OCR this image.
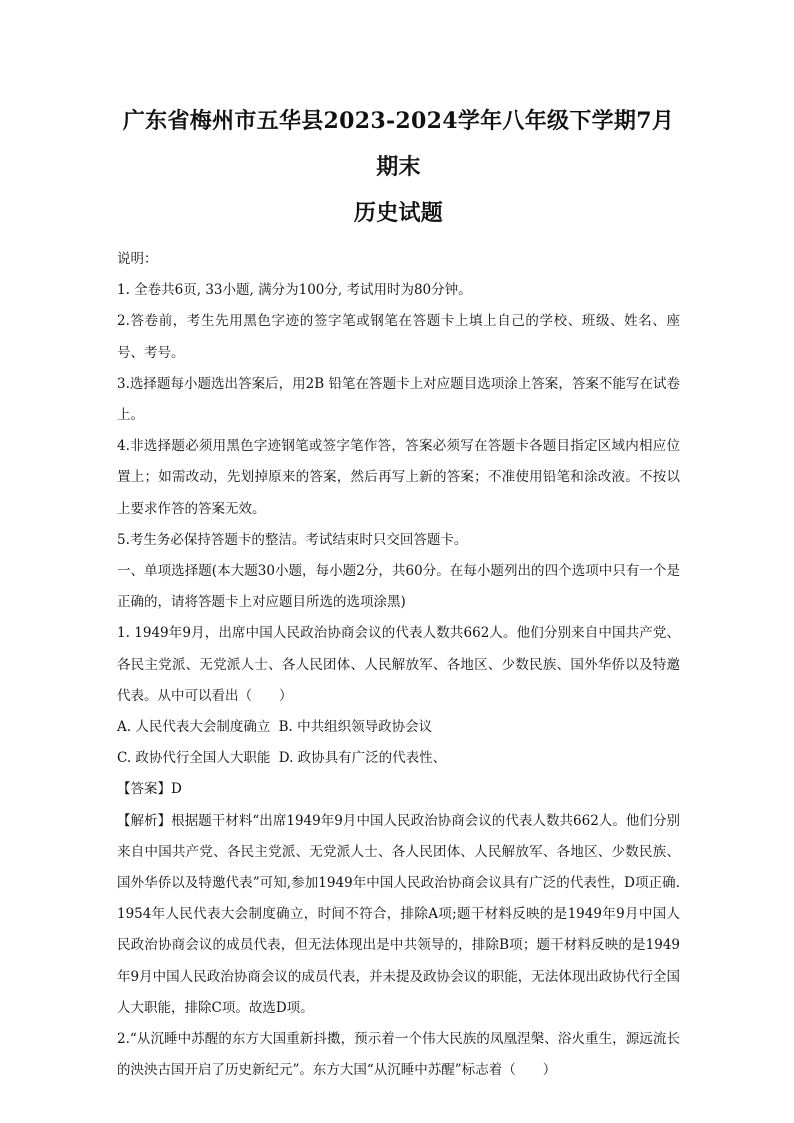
广东省梅州市五华县2023-2024学年八年级下学期7月期末
历史试题

说明：

1. 全卷共6页, 33小题, 满分为100分, 考试用时为80分钟。

2.答卷前，考生先用黑色字迹的签字笔或钢笔在答题卡上填上自己的学校、班级、姓名、座号、考号。

3.选择题每小题选出答案后，用2B 铅笔在答题卡上对应题目选项涂上答案，答案不能写在试卷上。

4.非选择题必须用黑色字迹钢笔或签字笔作答，答案必须写在答题卡各题目指定区域内相应位置上；如需改动，先划掉原来的答案，然后再写上新的答案；不准使用铅笔和涂改液。不按以上要求作答的答案无效。

5.考生务必保持答题卡的整洁。考试结束时只交回答题卡。

一、单项选择题(本大题30小题，每小题2分，共60分。在每小题列出的四个选项中只有一个是正确的，请将答题卡上对应题目所选的选项涂黑)

1. 1949年9月，出席中国人民政治协商会议的代表人数共662人。他们分别来自中国共产党、各民主党派、无党派人士、各人民团体、人民解放军、各地区、少数民族、国外华侨以及特邀代表。从中可以看出（　　）

A. 人民代表大会制度确立 B. 中共组织领导政协会议

C. 政协代行全国人大职能 D. 政协具有广泛的代表性、

【答案】D

【解析】根据题干材料“出席1949年9月中国人民政治协商会议的代表人数共662人。他们分别来自中国共产党、各民主党派、无党派人士、各人民团体、人民解放军、各地区、少数民族、国外华侨以及特邀代表”可知,参加1949年中国人民政治协商会议具有广泛的代表性，D项正确. 1954年人民代表大会制度确立，时间不符合，排除A项;题干材料反映的是1949年9月中国人民政治协商会议的成员代表，但无法体现出是中共领导的，排除B项；题干材料反映的是1949年9月中国人民政治协商会议的成员代表，并未提及政协会议的职能，无法体现出政协代行全国人大职能，排除C项。故选D项。

2.“从沉睡中苏醒的东方大国重新抖擞，预示着一个伟大民族的凤凰涅槃、浴火重生，源远流长的泱泱古国开启了历史新纪元”。东方大国“从沉睡中苏醒”标志着（　　）
